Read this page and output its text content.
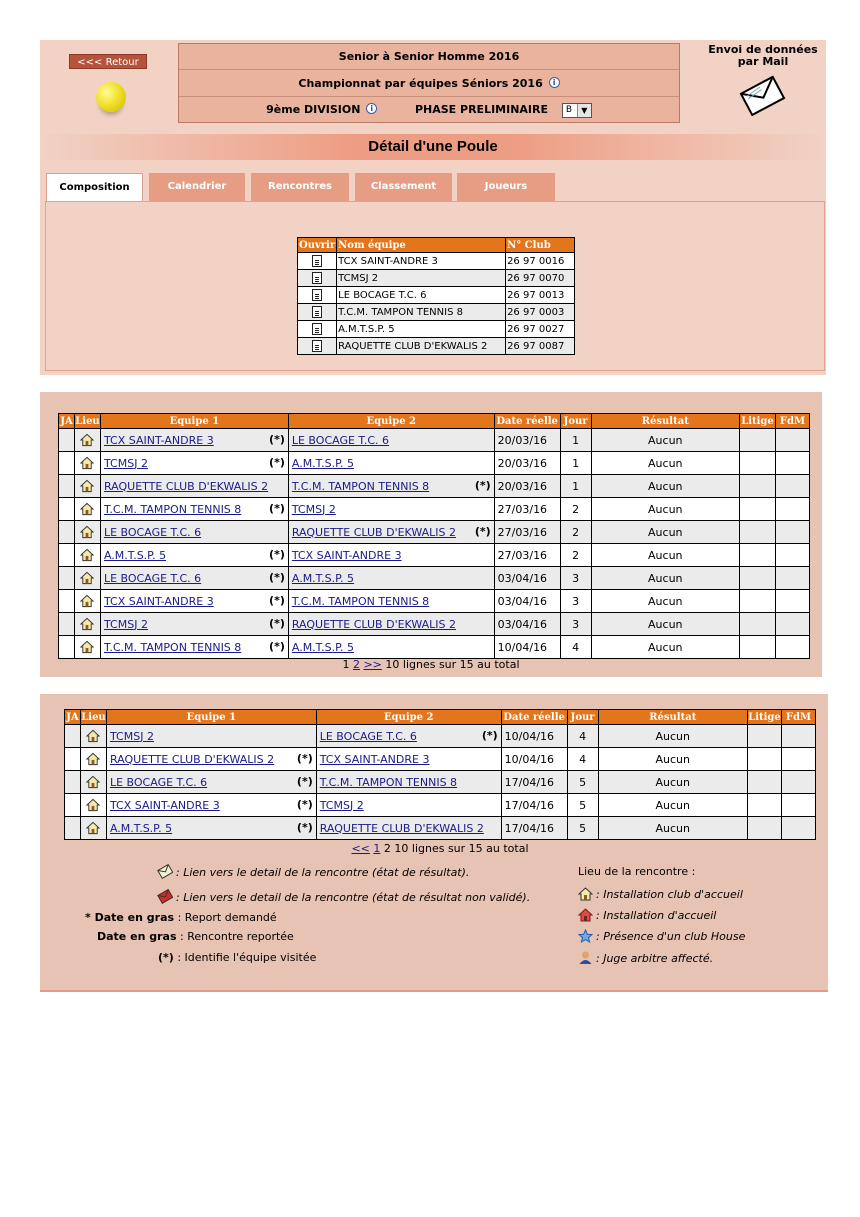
<<< Retour	Senior à Senior Homme 2016
Championnat par équipes Séniors 2016 i
9ème DIVISION i	PHASE PRELIMINAIRE B	▼
Envoi de données par Mail
Détail d'une Poule
Composition	Calendrier	Rencontres	Classement	Joueurs
Ouvrir	Nom équipe	N° Club

	TCX SAINT-ANDRE 3	26 97 0016

	TCMSJ 2	26 97 0070

	LE BOCAGE T.C. 6	26 97 0013

	T.C.M. TAMPON TENNIS 8	26 97 0003

	A.M.T.S.P. 5	26 97 0027

	RAQUETTE CLUB D'EKWALIS 2	26 97 0087
JA	Lieu	Equipe 1	Equipe 2	Date réelle	Jour	Résultat	Litige	FdM

	TCX SAINT-ANDRE 3 (*)	LE BOCAGE T.C. 6	20/03/16	1	Aucun		

	TCMSJ 2 (*)	A.M.T.S.P. 5	20/03/16	1	Aucun		

	RAQUETTE CLUB D'EKWALIS 2	T.C.M. TAMPON TENNIS 8 (*)	20/03/16	1	Aucun		

	T.C.M. TAMPON TENNIS 8 (*)	TCMSJ 2	27/03/16	2	Aucun		

	LE BOCAGE T.C. 6	RAQUETTE CLUB D'EKWALIS 2 (*)	27/03/16	2	Aucun		

	A.M.T.S.P. 5 (*)	TCX SAINT-ANDRE 3	27/03/16	2	Aucun		

	LE BOCAGE T.C. 6 (*)	A.M.T.S.P. 5	03/04/16	3	Aucun		

	TCX SAINT-ANDRE 3 (*)	T.C.M. TAMPON TENNIS 8	03/04/16	3	Aucun		

	TCMSJ 2 (*)	RAQUETTE CLUB D'EKWALIS 2	03/04/16	3	Aucun		

	T.C.M. TAMPON TENNIS 8 (*)	A.M.T.S.P. 5	10/04/16	4	Aucun		
1 2 >> 10 lignes sur 15 au total
JA	Lieu	Equipe 1	Equipe 2	Date réelle	Jour	Résultat	Litige	FdM

	TCMSJ 2	LE BOCAGE T.C. 6 (*)	10/04/16	4	Aucun		

	RAQUETTE CLUB D'EKWALIS 2 (*)	TCX SAINT-ANDRE 3	10/04/16	4	Aucun		

	LE BOCAGE T.C. 6 (*)	T.C.M. TAMPON TENNIS 8	17/04/16	5	Aucun		

	TCX SAINT-ANDRE 3 (*)	TCMSJ 2	17/04/16	5	Aucun		

	A.M.T.S.P. 5 (*)	RAQUETTE CLUB D'EKWALIS 2	17/04/16	5	Aucun		
<< 1 2 10 lignes sur 15 au total
: Lien vers le detail de la rencontre (état de résultat).
: Lien vers le detail de la rencontre (état de résultat non validé).
* Date en gras : Report demandé
Date en gras : Rencontre reportée
(*) : Identifie l'équipe visitée
Lieu de la rencontre :
: Installation club d'accueil
: Installation d'accueil
: Présence d'un club House
: Juge arbitre affecté.
